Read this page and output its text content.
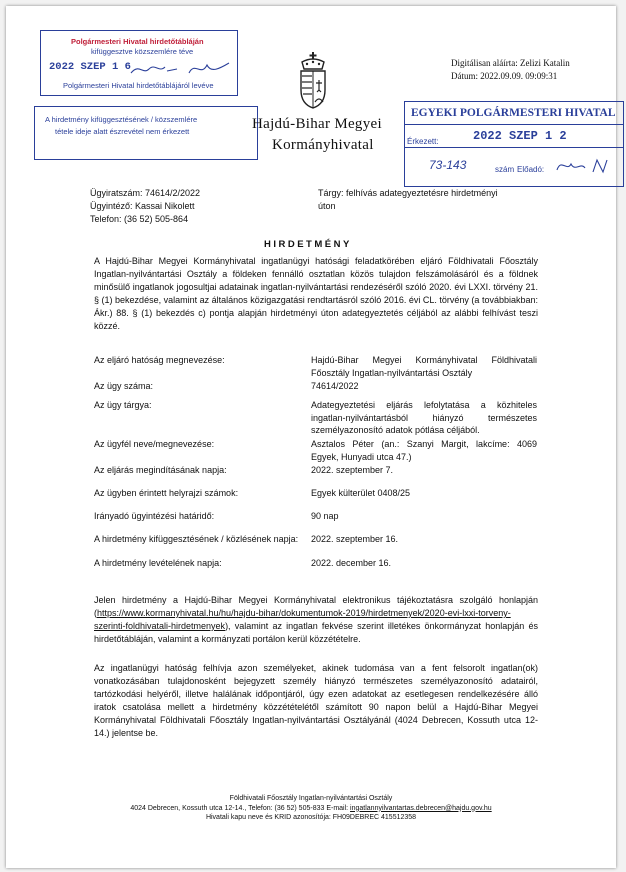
Polgármesteri Hivatal hirdetőtábláján
kifüggesztve közszemlére téve
2022 SZEP 1 6
Polgármesteri Hivatal hirdetőtáblájáról levéve
A hirdetmény kifüggesztésének / közszemlére
tétele ideje alatt észrevétel nem érkezett	Hajdú-Bihar Megyei
Kormányhivatal
Digitálisan aláírta: Zelizi Katalin
Dátum: 2022.09.09. 09:09:31
EGYEKI POLGÁRMESTERI HIVATAL
Érkezett:	2022 SZEP 1 2
73-143	szám Előadó:
Ügyiratszám: 74614/2/2022
Ügyintéző: Kassai Nikolett
Telefon: (36 52) 505-864
Tárgy: felhívás adategyeztetésre hirdetményi
úton
HIRDETMÉNY
A Hajdú-Bihar Megyei Kormányhivatal ingatlanügyi hatósági feladatkörében eljáró Földhivatali Főosztály Ingatlan-nyilvántartási Osztály a földeken fennálló osztatlan közös tulajdon felszámolásáról és a földnek minősülő ingatlanok jogosultjai adatainak ingatlan-nyilvántartási rendezéséről szóló 2020. évi LXXI. törvény 21. § (1) bekezdése, valamint az általános közigazgatási rendtartásról szóló 2016. évi CL. törvény (a továbbiakban: Ákr.) 88. § (1) bekezdés c) pontja alapján hirdetményi úton adategyeztetés céljából az alábbi felhívást teszi közzé.
Az eljáró hatóság megnevezése:	Hajdú-Bihar Megyei Kormányhivatal Földhivatali Főosztály Ingatlan-nyilvántartási Osztály
Az ügy száma:	74614/2022
Az ügy tárgya:	Adategyeztetési eljárás lefolytatása a közhiteles ingatlan-nyilvántartásból hiányzó természetes személyazonosító adatok pótlása céljából.
Az ügyfél neve/megnevezése:	Asztalos Péter (an.: Szanyi Margit, lakcíme: 4069 Egyek, Hunyadi utca 47.)
Az eljárás megindításának napja:	2022. szeptember 7.
Az ügyben érintett helyrajzi számok:	Egyek külterület 0408/25
Irányadó ügyintézési határidő:	90 nap
A hirdetmény kifüggesztésének / közlésének napja: 2022. szeptember 16.
A hirdetmény levételének napja:	2022. december 16.
Jelen hirdetmény a Hajdú-Bihar Megyei Kormányhivatal elektronikus tájékoztatásra szolgáló honlapján (https://www.kormanyhivatal.hu/hu/hajdu-bihar/dokumentumok-2019/hirdetmenyek/2020-evi-lxxi-torveny-szerinti-foldhivatali-hirdetmenyek), valamint az ingatlan fekvése szerint illetékes önkormányzat honlapján és hirdetőtábláján, valamint a kormányzati portálon kerül közzétételre.
Az ingatlanügyi hatóság felhívja azon személyeket, akinek tudomása van a fent felsorolt ingatlan(ok) vonatkozásában tulajdonosként bejegyzett személy hiányzó természetes személyazonosító adatairól, tartózkodási helyéről, illetve halálának időpontjáról, úgy ezen adatokat az esetlegesen rendelkezésére álló iratok csatolása mellett a hirdetmény közzétételétől számított 90 napon belül a Hajdú-Bihar Megyei Kormányhivatal Földhivatali Főosztály Ingatlan-nyilvántartási Osztályánál (4024 Debrecen, Kossuth utca 12-14.) jelentse be.
Földhivatali Főosztály Ingatlan-nyilvántartási Osztály
4024 Debrecen, Kossuth utca 12-14., Telefon: (36 52) 505-833 E-mail: ingatlannyilvantartas.debrecen@hajdu.gov.hu
Hivatali kapu neve és KRID azonosítója: FH09DEBREC 415512358
